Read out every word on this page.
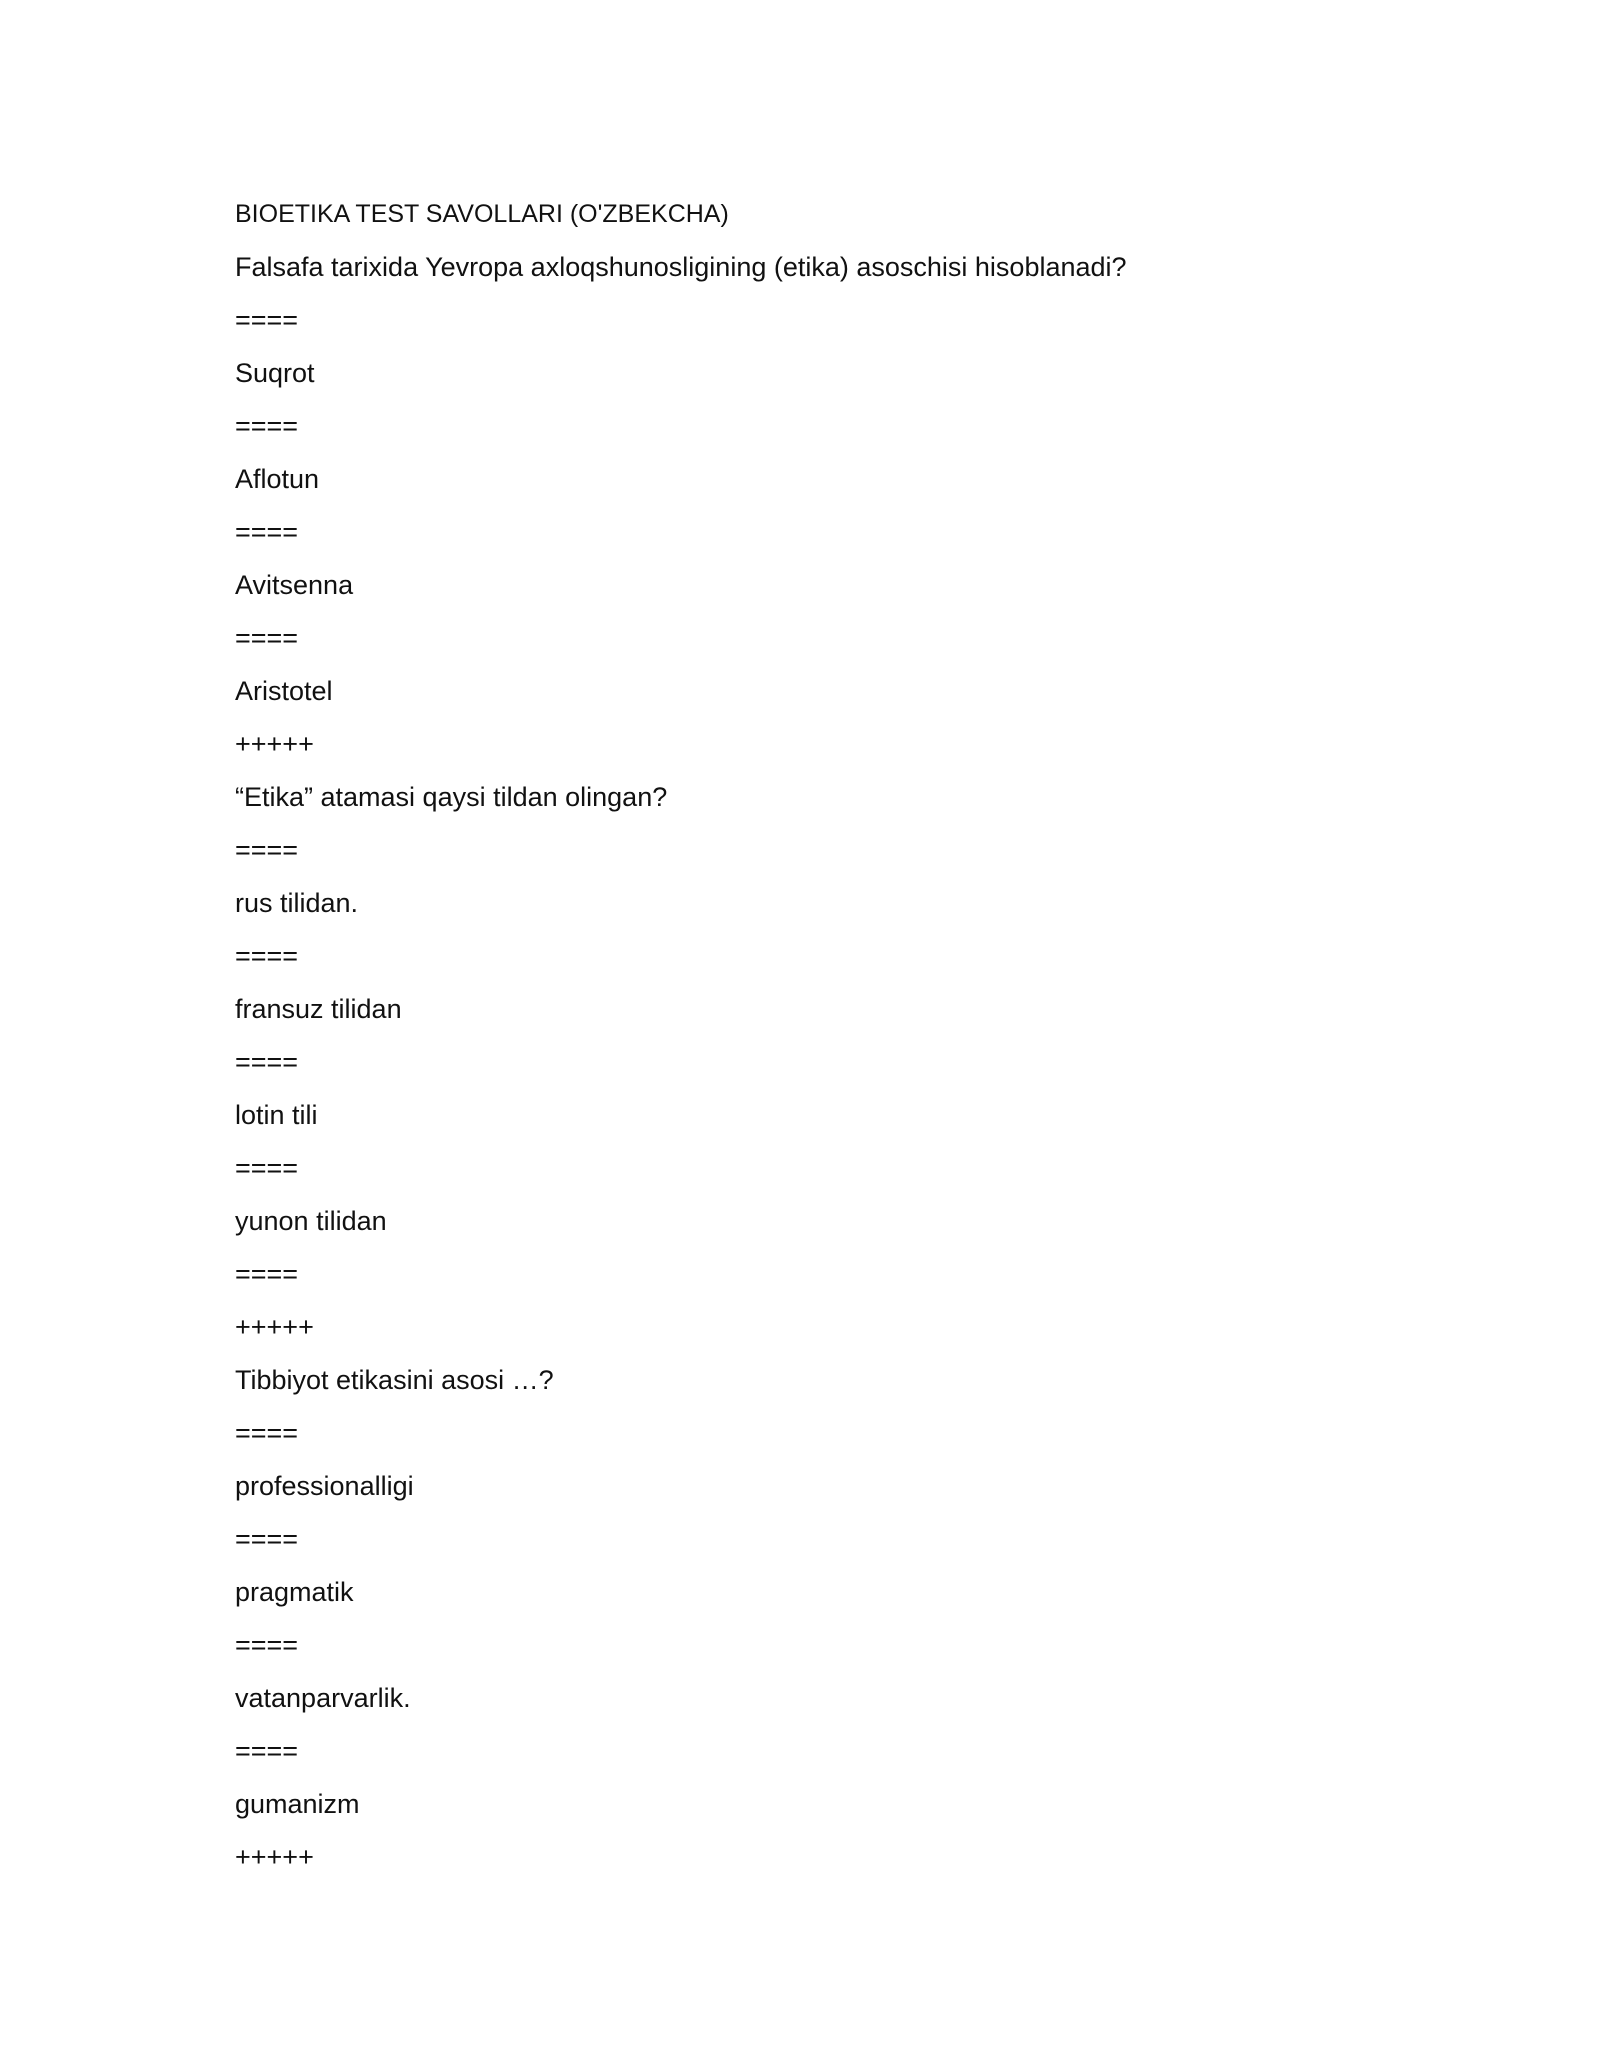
BIOETIKA TEST SAVOLLARI (O'ZBEKCHA)
Falsafa tarixida Yevropa axloqshunosligining (etika) asoschisi hisoblanadi?
====
Suqrot
====
Aflotun
====
Avitsenna
====
Aristotel
+++++
“Etika” atamasi qaysi tildan olingan?
====
rus tilidan.
====
fransuz tilidan
====
lotin tili
====
yunon tilidan
====
+++++
Tibbiyot etikasini asosi …?
====
professionalligi
====
pragmatik
====
vatanparvarlik.
====
gumanizm
+++++
